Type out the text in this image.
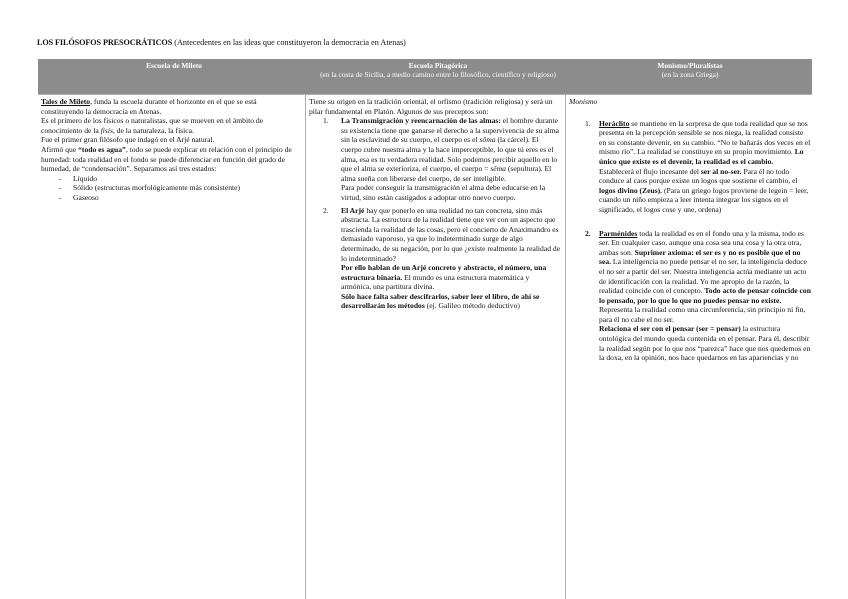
LOS FILÓSOFOS PRESOCRÁTICOS (Antecedentes en las ideas que constituyeron la democracia en Atenas)
Escuela de Mileto	Escuela Pitagórica
(en la costa de Sicilia, a medio camino entre lo filosófico, científico y religioso)
Monismo/Pluralistas
(en la zona Griega)

Tales de Mileto, funda la escuela durante el horizonte en el que se está constituyendo la democracia en Atenas.

Es el primero de los físicos o naturalistas, que se mueven en el ámbito de conocimiento de la fisis, de la naturaleza, la física.

Fue el primer gran filósofo que indagó en el Arjé natural.

Afirmó que “todo es agua”, todo se puede explicar en relación con el principio de humedad: toda realidad en el fondo se puede diferenciar en función del grado de humedad, de “condensación”. Separamos así tres estados:

- Líquido
- Sólido (estructuras morfológicamente más consistente)
- Gaseoso

Tiene su origen en la tradición oriental, el orfismo (tradición religiosa) y será un pilar fundamental en Platón. Algunos de sus preceptos son:

1. La Transmigración y reencarnación de las almas: el hombre durante su existencia tiene que ganarse el derecho a la supervivencia de su alma sin la esclavitud de su cuerpo, el cuerpo es el sôma (la cárcel). El cuerpo cubre nuestra alma y la hace imperceptible, lo que tú eres es el alma, esa es tu verdadera realidad. Solo podemos percibir aquello en lo que el alma se exterioriza, el cuerpo, el cuerpo = sêma (sepultura). El alma sueña con liberarse del cuerpo, de ser inteligible.

Para poder conseguir la transmigración el alma debe educarse en la virtud, sino están castigados a adoptar otro nuevo cuerpo.

2. El Arjé hay que ponerlo en una realidad no tan concreta, sino más abstracta. La estructura de la realidad tiene que ver con un aspecto que trascienda la realidad de las cosas, pero el concierto de Anaximandro es demasiado vaporoso, ya que lo indeterminado surge de algo determinado, de su negación, por lo que ¿existe realmente la realidad de lo indeterminado?

Por ello hablan de un Arjé concreto y abstracto, el número, una estructura binaria. El mundo es una estructura matemática y armónica, una partitura divina.

Sólo hace falta saber descifrarlos, saber leer el libro, de ahí se desarrollarán los métodos (ej. Galileo método deductivo)

Monismo

1. Heráclito se mantiene en la sorpresa de que toda realidad que se nos presenta en la percepción sensible se nos niega, la realidad consiste en su constante devenir, en su cambio. “No te bañarás dos veces en el mismo río”. La realidad se constituye en su propio movimiento. Lo único que existe es el devenir, la realidad es el cambio.

Establecerá el flujo incesante del ser al no-ser. Para él no todo conduce al caos porque existe un logos que sostiene el cambio, el logos divino (Zeus). (Para un griego logos proviene de legein = leer, cuando un niño empieza a leer intenta integrar los signos en el significado, el logos cose y une, ordena)

2. Parménides toda la realidad es en el fondo una y la misma, todo es ser. En cualquier caso, aunque una cosa sea una cosa y la otra otra, ambas son. Suprimer axioma: el ser es y no es posible que el no sea. La inteligencia no puede pensar el no ser, la inteligencia deduce el no ser a partir del ser. Nuestra inteligencia actúa mediante un acto de identificación con la realidad. Yo me apropio de la razón, la realidad coincide con el concepto. Todo acto de pensar coincide con lo pensado, por lo que lo que no puedes pensar no existe. Representa la realidad como una circunferencia, sin principio ni fin, para él no cabe el no ser.

Relaciona el ser con el pensar (ser = pensar) la estructura ontológica del mundo queda contenida en el pensar. Para él, describir la realidad según por lo que nos “parezca” hace que nos quedemos en la doxa, en la opinión, nos hace quedarnos en las apariencias y no
